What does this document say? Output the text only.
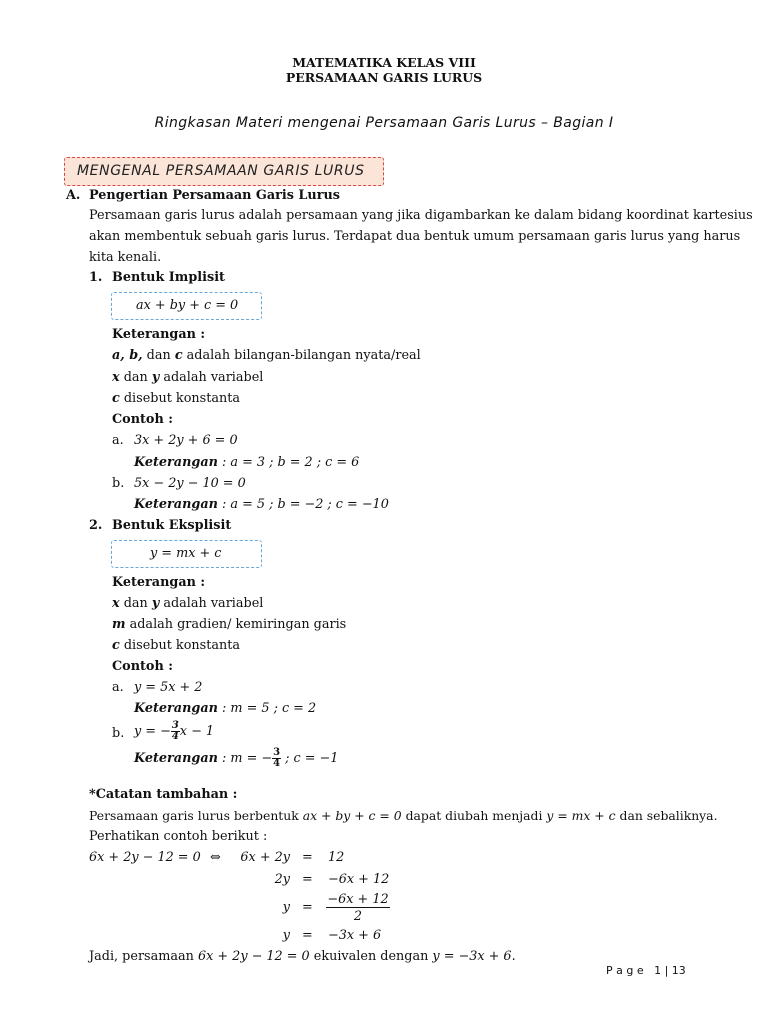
MATEMATIKA KELAS VIII
PERSAMAAN GARIS LURUS
Ringkasan Materi mengenai Persamaan Garis Lurus – Bagian I
MENGENAL PERSAMAAN GARIS LURUS
A. Pengertian Persamaan Garis Lurus
Persamaan garis lurus adalah persamaan yang jika digambarkan ke dalam bidang koordinat kartesius
akan membentuk sebuah garis lurus. Terdapat dua bentuk umum persamaan garis lurus yang harus
kita kenali.
1. Bentuk Implisit
ax + by + c = 0
Keterangan :
a, b, dan c adalah bilangan-bilangan nyata/real
x dan y adalah variabel
c disebut konstanta
Contoh :
a. 3x + 2y + 6 = 0
Keterangan : a = 3 ; b = 2 ; c = 6
b. 5x − 2y − 10 = 0
Keterangan : a = 5 ; b = −2 ; c = −10
2. Bentuk Eksplisit
y = mx + c
Keterangan :
x dan y adalah variabel
m adalah gradien/ kemiringan garis
c disebut konstanta
Contoh :
a. y = 5x + 2
Keterangan : m = 5 ; c = 2
b. y = − $\frac{3}{4}$ x − 1
Keterangan : m = − $\frac{3}{4}$ ; c = −1
*Catatan tambahan :
Persamaan garis lurus berbentuk ax + by + c = 0 dapat diubah menjadi y = mx + c dan sebaliknya.
Perhatikan contoh berikut :
6x + 2y − 12 = 0 ⇔	6x + 2y = 12
2y = −6x + 12
y =
−6x + 12
2
y = −3x + 6
Jadi, persamaan 6x + 2y − 12 = 0 ekuivalen dengan y = −3x + 6.
P a g e   1 | 13
